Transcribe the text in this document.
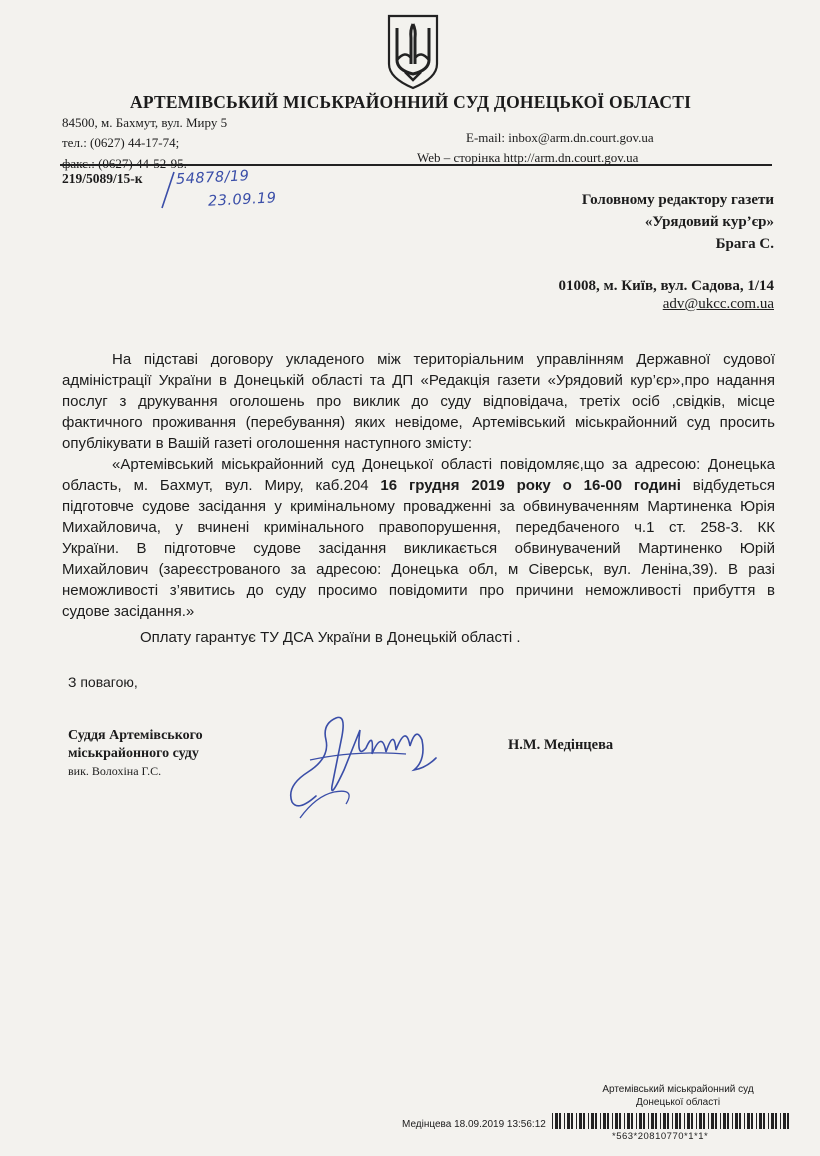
АРТЕМІВСЬКИЙ МІСЬКРАЙОННИЙ СУД ДОНЕЦЬКОЇ ОБЛАСТІ
84500, м. Бахмут, вул. Миру 5
тел.: (0627) 44-17-74;
факс.: (0627) 44-52-95.
E-mail: inbox@arm.dn.court.gov.ua
Web – сторінка http://arm.dn.court.gov.ua
219/5089/15-к 54878/19
23.09.19	Головному редактору газети
«Урядовий кур’єр»
Брага С.
01008, м. Київ, вул. Садова, 1/14
adv@ukcc.com.ua
На підставі договору укладеного між територіальним управлінням Державної судової
адміністрації України в Донецькій області та ДП «Редакція газети «Урядовий кур’єр»,про надання
послуг з друкування оголошень про виклик до суду відповідача, третіх осіб ,свідків, місце
фактичного проживання (перебування) яких невідоме, Артемівський міськрайонний суд просить
опублікувати в Вашій газеті оголошення наступного змісту:
«Артемівський міськрайонний суд Донецької області повідомляє,що за адресою: Донецька
область, м. Бахмут, вул. Миру, каб.204 16 грудня 2019 року о 16-00 годині відбудеться
підготовче судове засідання у кримінальному провадженні за обвинуваченням Мартиненка Юрія
Михайловича, у вчинені кримінального правопорушення, передбаченого ч.1 ст. 258-3. КК
України. В підготовче судове засідання викликається обвинувачений Мартиненко Юрій
Михайлович (зареєстрованого за адресою: Донецька обл, м Сіверськ, вул. Леніна,39). В разі
неможливості з’явитись до суду просимо повідомити про причини неможливості прибуття в
судове засідання.»
Оплату гарантує ТУ ДСА України в Донецькій області .
З повагою,
Суддя Артемівського
міськрайонного суду
вик. Волохіна Г.С.
Н.М. Медінцева
Артемівський міськрайонний суд
Донецької області
Медінцева 18.09.2019 13:56:12
*563*20810770*1*1*
